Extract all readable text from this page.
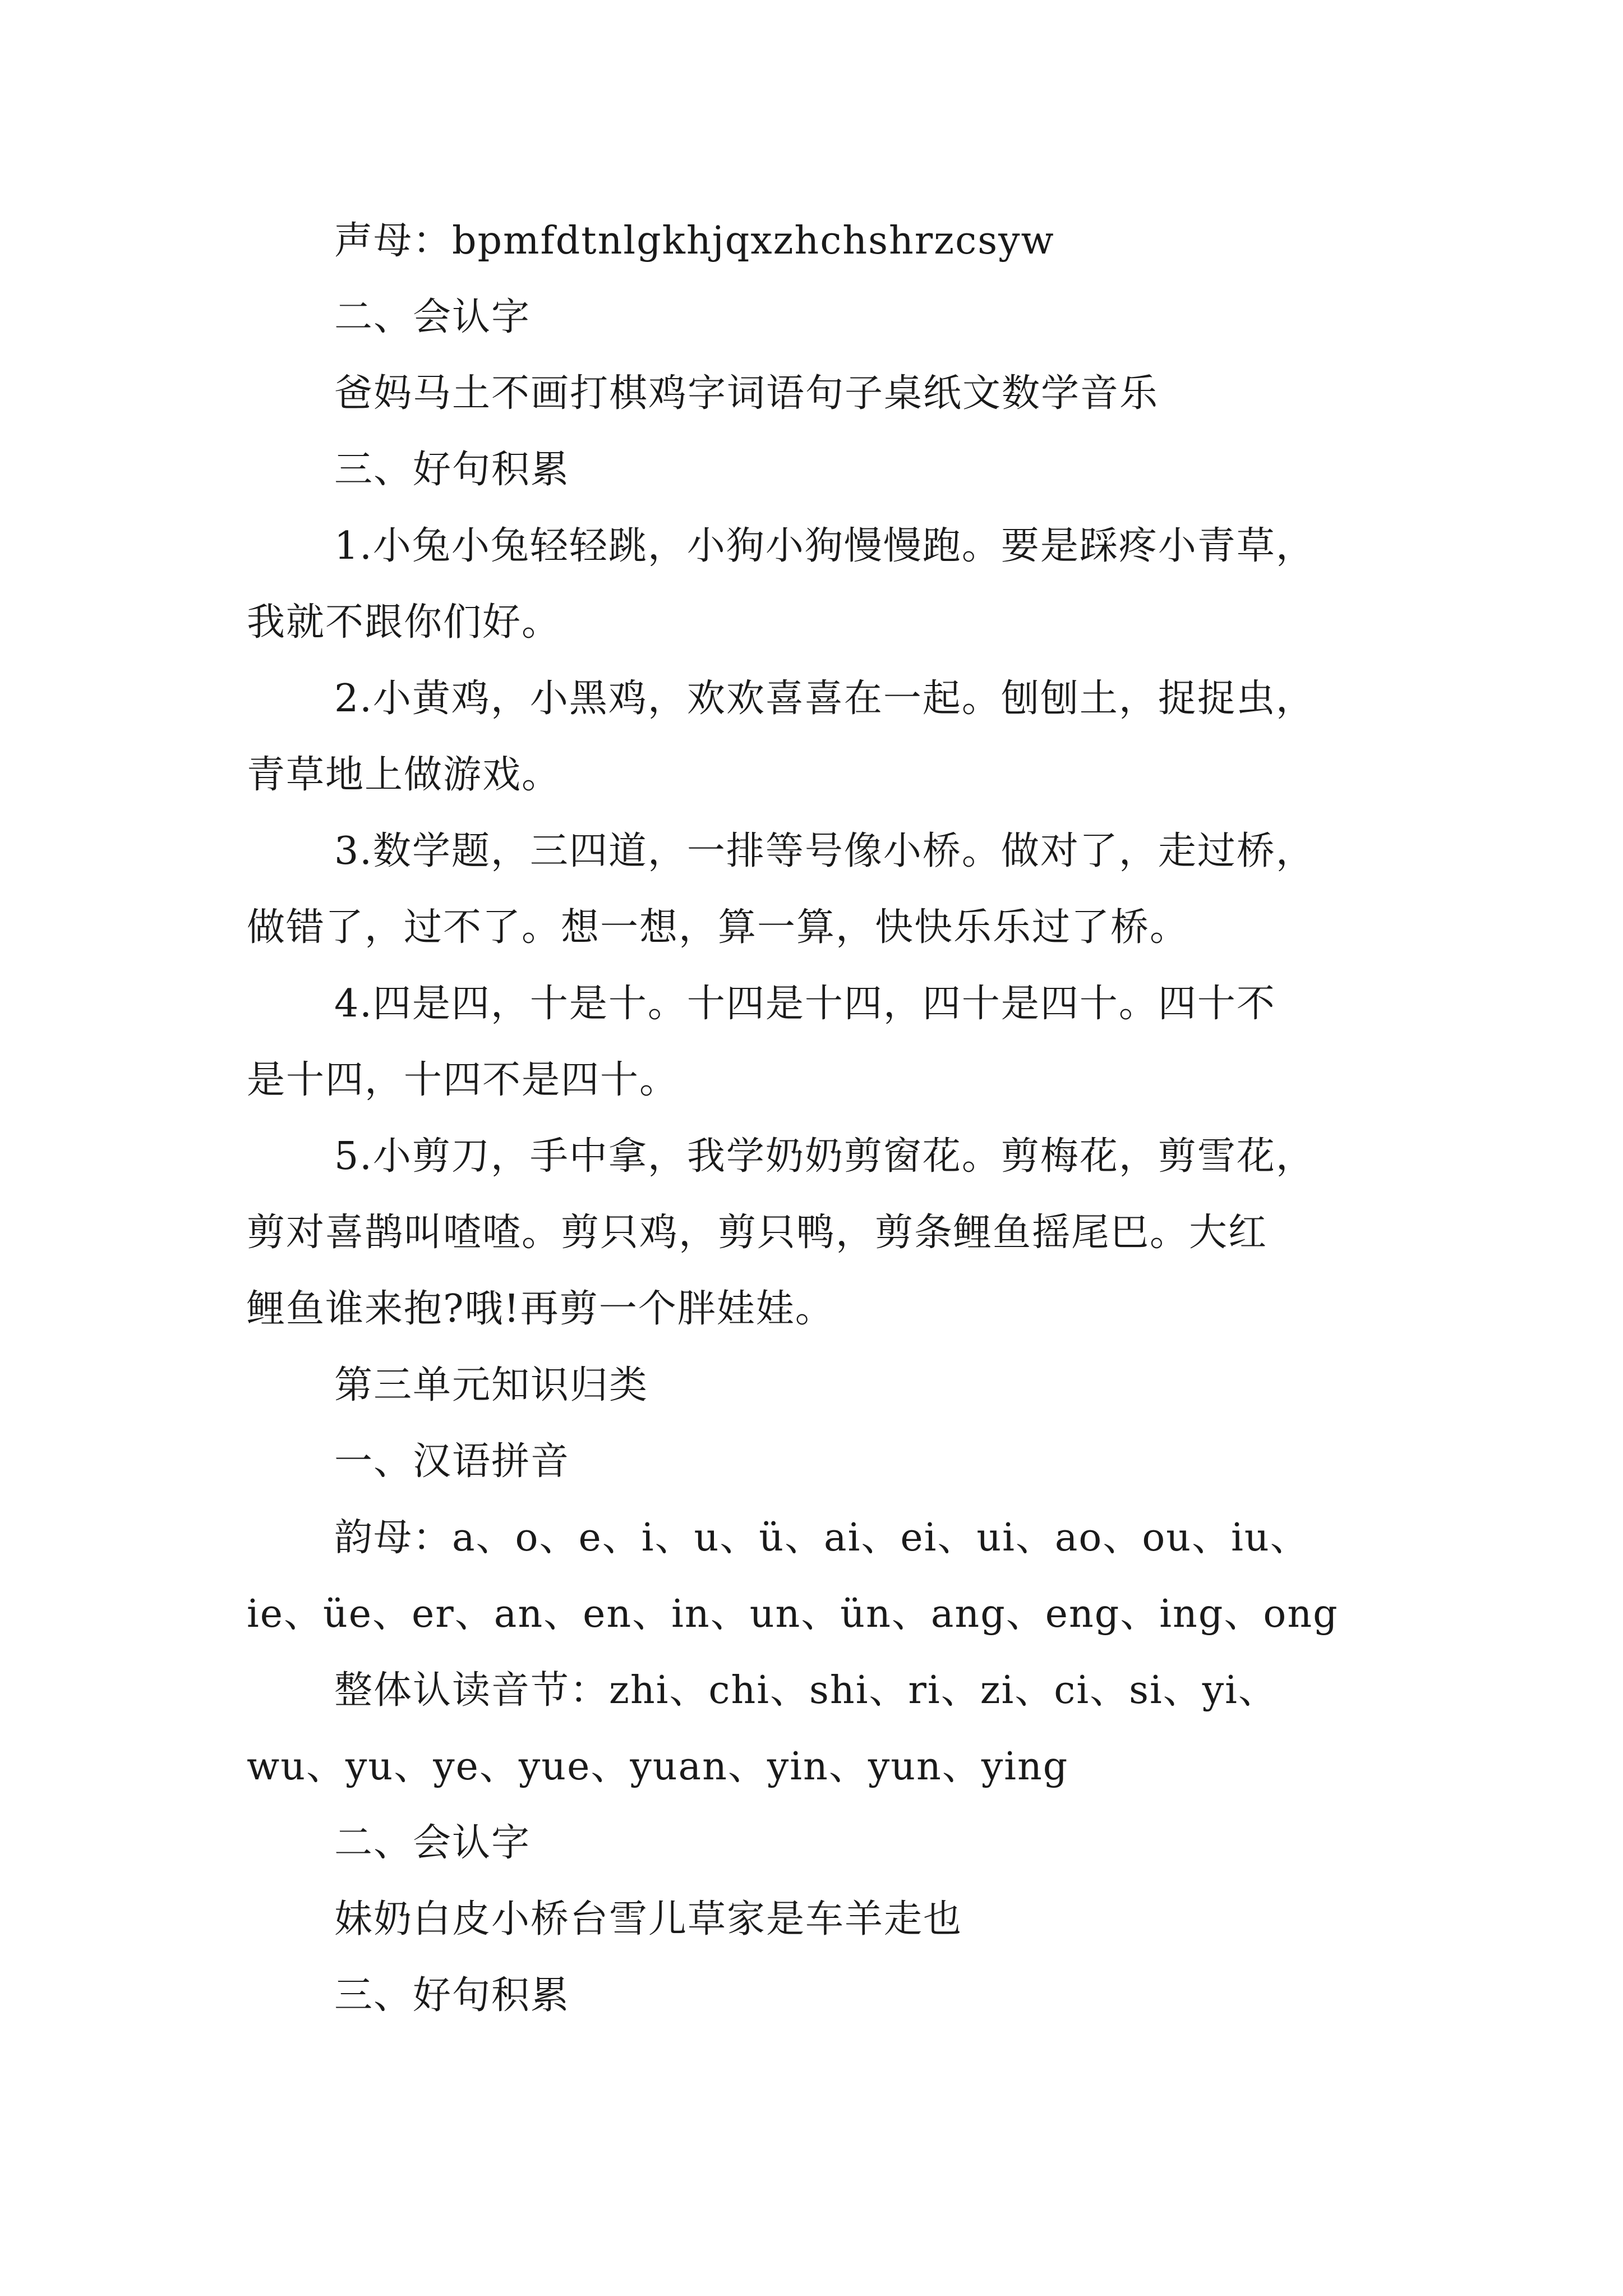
声母：bpmfdtnlgkhjqxzhchshrzcsyw

二、会认字

爸妈马土不画打棋鸡字词语句子桌纸文数学音乐

三、好句积累

1.小兔小兔轻轻跳，小狗小狗慢慢跑。要是踩疼小青草，

我就不跟你们好。

2.小黄鸡，小黑鸡，欢欢喜喜在一起。刨刨土，捉捉虫，

青草地上做游戏。

3.数学题，三四道，一排等号像小桥。做对了，走过桥，

做错了，过不了。想一想，算一算，快快乐乐过了桥。

4.四是四，十是十。十四是十四，四十是四十。四十不

是十四，十四不是四十。

5.小剪刀，手中拿，我学奶奶剪窗花。剪梅花，剪雪花，

剪对喜鹊叫喳喳。剪只鸡，剪只鸭，剪条鲤鱼摇尾巴。大红

鲤鱼谁来抱?哦!再剪一个胖娃娃。

第三单元知识归类

一、汉语拼音

韵母：a、o、e、i、u、ü、ai、ei、ui、ao、ou、iu、

ie、üe、er、an、en、in、un、ün、ang、eng、ing、ong

整体认读音节：zhi、chi、shi、ri、zi、ci、si、yi、

wu、yu、ye、yue、yuan、yin、yun、ying

二、会认字

妹奶白皮小桥台雪儿草家是车羊走也

三、好句积累
